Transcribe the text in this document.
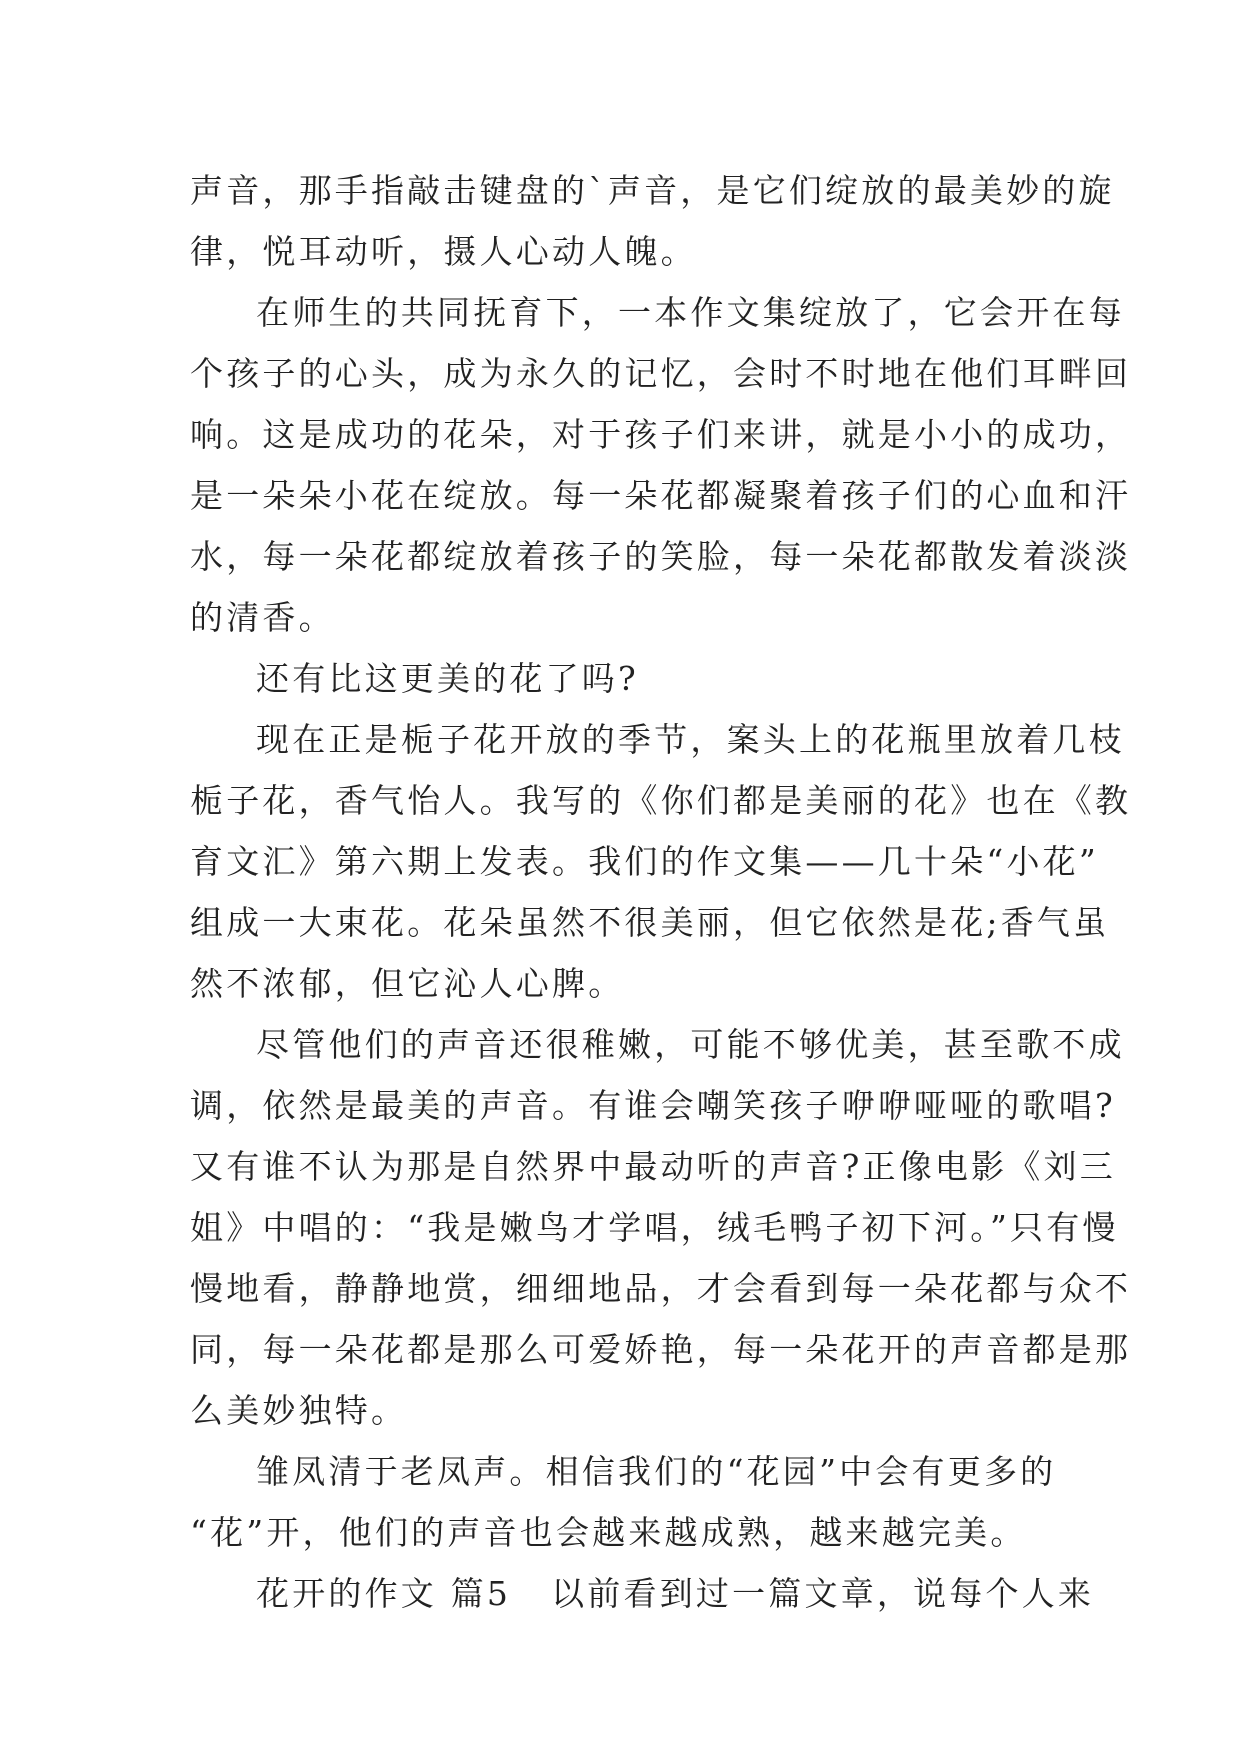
声音，那手指敲击键盘的`声音，是它们绽放的最美妙的旋
律，悦耳动听，摄人心动人魄。
在师生的共同抚育下，一本作文集绽放了，它会开在每
个孩子的心头，成为永久的记忆，会时不时地在他们耳畔回
响。这是成功的花朵，对于孩子们来讲，就是小小的成功，
是一朵朵小花在绽放。每一朵花都凝聚着孩子们的心血和汗
水，每一朵花都绽放着孩子的笑脸，每一朵花都散发着淡淡
的清香。
还有比这更美的花了吗?
现在正是栀子花开放的季节，案头上的花瓶里放着几枝
栀子花，香气怡人。我写的《你们都是美丽的花》也在《教
育文汇》第六期上发表。我们的作文集——几十朵“小花”
组成一大束花。花朵虽然不很美丽，但它依然是花;香气虽
然不浓郁，但它沁人心脾。
尽管他们的声音还很稚嫩，可能不够优美，甚至歌不成
调，依然是最美的声音。有谁会嘲笑孩子咿咿哑哑的歌唱?
又有谁不认为那是自然界中最动听的声音?正像电影《刘三
姐》中唱的：“我是嫩鸟才学唱，绒毛鸭子初下河。”只有慢
慢地看，静静地赏，细细地品，才会看到每一朵花都与众不
同，每一朵花都是那么可爱娇艳，每一朵花开的声音都是那
么美妙独特。
雏凤清于老凤声。相信我们的“花园”中会有更多的
“花”开，他们的声音也会越来越成熟，越来越完美。
花开的作文 篇5 以前看到过一篇文章，说每个人来
